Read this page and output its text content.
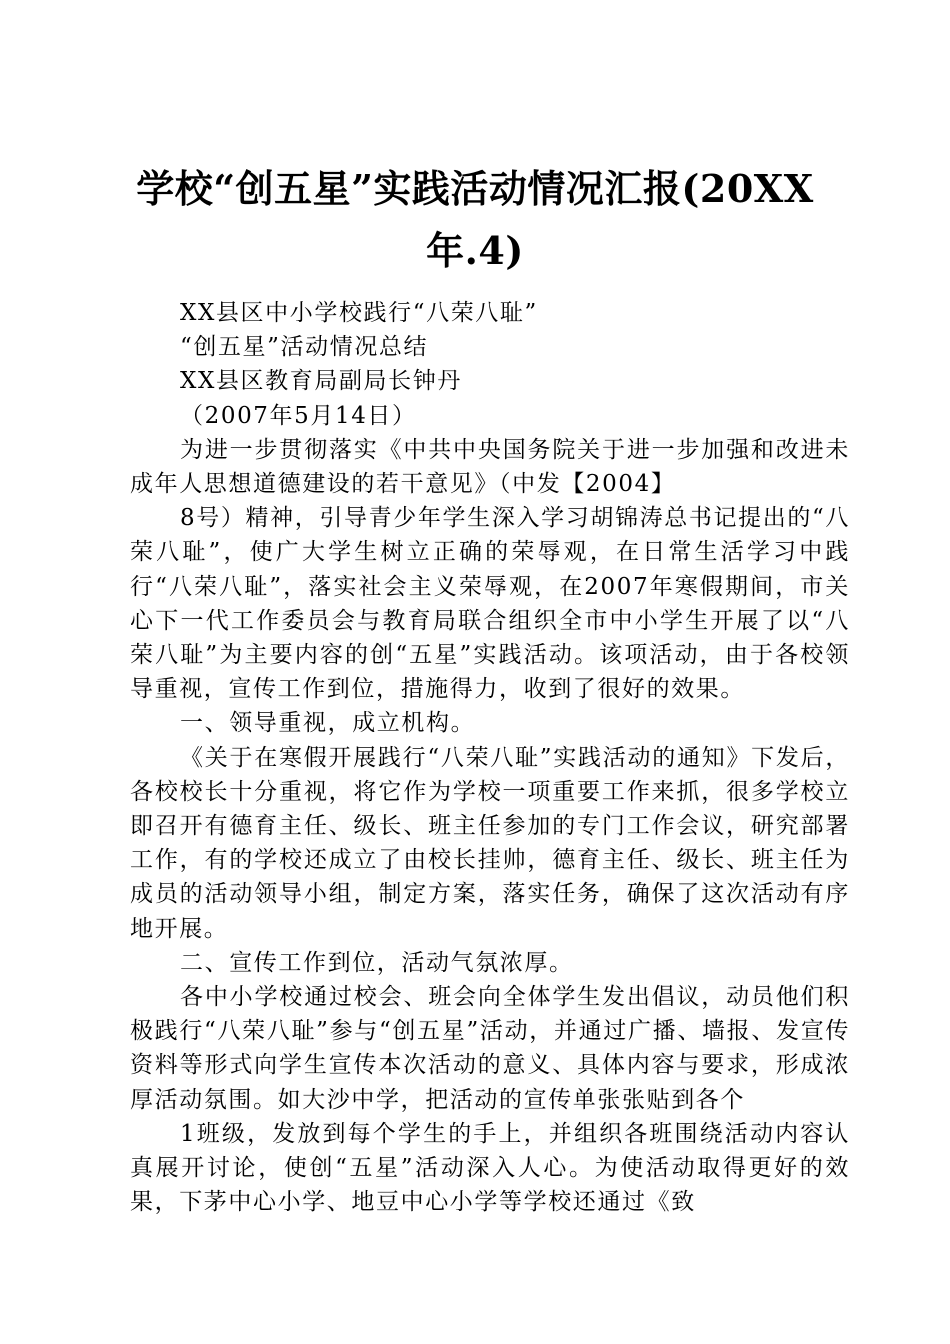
学校“创五星”实践活动情况汇报(20XX年.4)

XX县区中小学校践行“八荣八耻”

“创五星”活动情况总结

XX县区教育局副局长钟丹

（2007年5月14日）

为进一步贯彻落实《中共中央国务院关于进一步加强和改进未成年人思想道德建设的若干意见》（中发【2004】

8号）精神，引导青少年学生深入学习胡锦涛总书记提出的“八荣八耻”，使广大学生树立正确的荣辱观，在日常生活学习中践行“八荣八耻”，落实社会主义荣辱观，在2007年寒假期间，市关心下一代工作委员会与教育局联合组织全市中小学生开展了以“八荣八耻”为主要内容的创“五星”实践活动。该项活动，由于各校领导重视，宣传工作到位，措施得力，收到了很好的效果。

一、领导重视，成立机构。

《关于在寒假开展践行“八荣八耻”实践活动的通知》下发后，各校校长十分重视，将它作为学校一项重要工作来抓，很多学校立即召开有德育主任、级长、班主任参加的专门工作会议，研究部署工作，有的学校还成立了由校长挂帅，德育主任、级长、班主任为成员的活动领导小组，制定方案，落实任务，确保了这次活动有序地开展。

二、宣传工作到位，活动气氛浓厚。

各中小学校通过校会、班会向全体学生发出倡议，动员他们积极践行“八荣八耻”参与“创五星”活动，并通过广播、墙报、发宣传资料等形式向学生宣传本次活动的意义、具体内容与要求，形成浓厚活动氛围。如大沙中学，把活动的宣传单张张贴到各个

1班级，发放到每个学生的手上，并组织各班围绕活动内容认真展开讨论，使创“五星”活动深入人心。为使活动取得更好的效果，下茅中心小学、地豆中心小学等学校还通过《致
